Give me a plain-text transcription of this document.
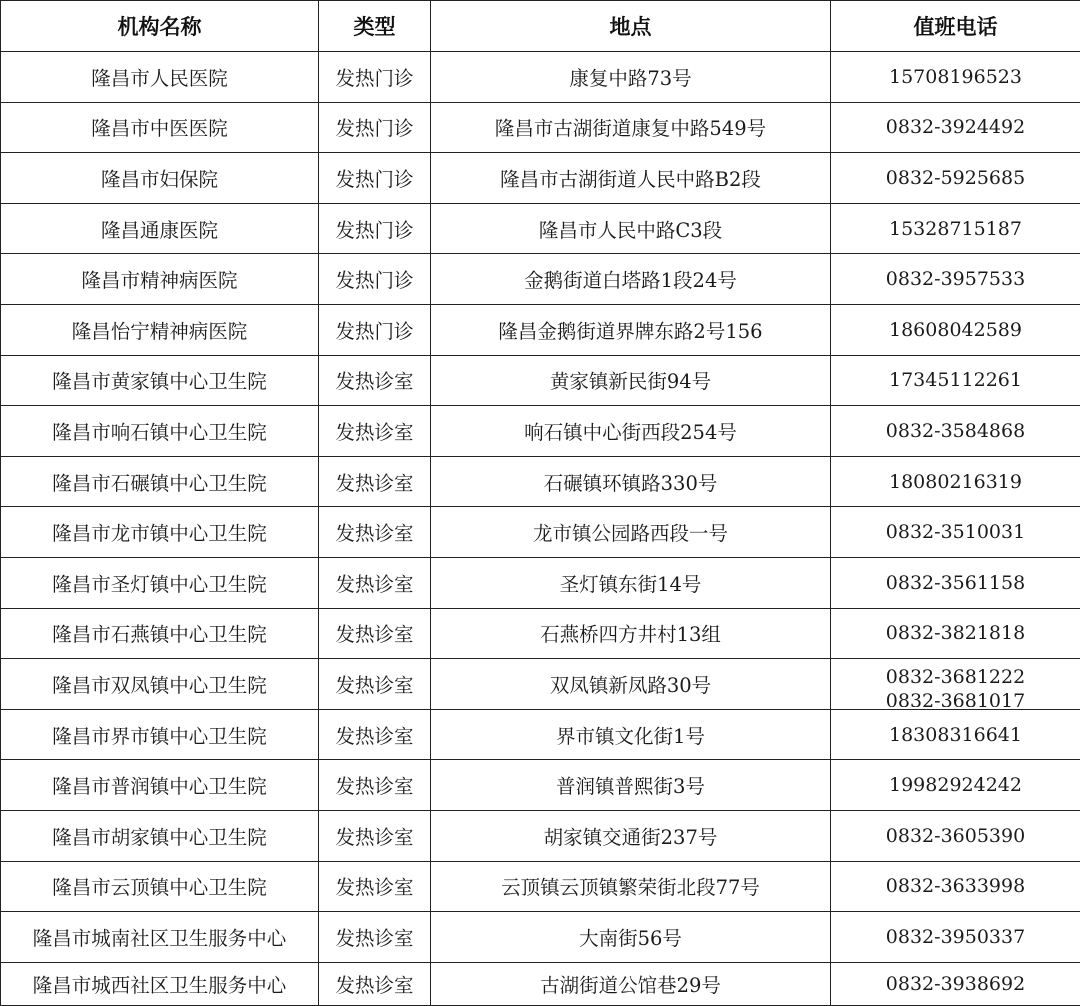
机构名称	类型	地点	值班电话
隆昌市人民医院	发热门诊	康复中路73号	15708196523

隆昌市中医医院	发热门诊	隆昌市古湖街道康复中路549号	0832-3924492

隆昌市妇保院	发热门诊	隆昌市古湖街道人民中路B2段	0832-5925685

隆昌通康医院	发热门诊	隆昌市人民中路C3段	15328715187

隆昌市精神病医院	发热门诊	金鹅街道白塔路1段24号	0832-3957533

隆昌怡宁精神病医院	发热门诊	隆昌金鹅街道界牌东路2号156	18608042589

隆昌市黄家镇中心卫生院	发热诊室	黄家镇新民街94号	17345112261

隆昌市响石镇中心卫生院	发热诊室	响石镇中心街西段254号	0832-3584868

隆昌市石碾镇中心卫生院	发热诊室	石碾镇环镇路330号	18080216319

隆昌市龙市镇中心卫生院	发热诊室	龙市镇公园路西段一号	0832-3510031

隆昌市圣灯镇中心卫生院	发热诊室	圣灯镇东街14号	0832-3561158

隆昌市石燕镇中心卫生院	发热诊室	石燕桥四方井村13组	0832-3821818

隆昌市双凤镇中心卫生院	发热诊室	双凤镇新凤路30号	0832-3681222
0832-3681017

隆昌市界市镇中心卫生院	发热诊室	界市镇文化街1号	18308316641

隆昌市普润镇中心卫生院	发热诊室	普润镇普熙街3号	19982924242

隆昌市胡家镇中心卫生院	发热诊室	胡家镇交通街237号	0832-3605390

隆昌市云顶镇中心卫生院	发热诊室	云顶镇云顶镇繁荣街北段77号	0832-3633998

隆昌市城南社区卫生服务中心	发热诊室	大南街56号	0832-3950337

隆昌市城西社区卫生服务中心	发热诊室	古湖街道公馆巷29号	0832-3938692
